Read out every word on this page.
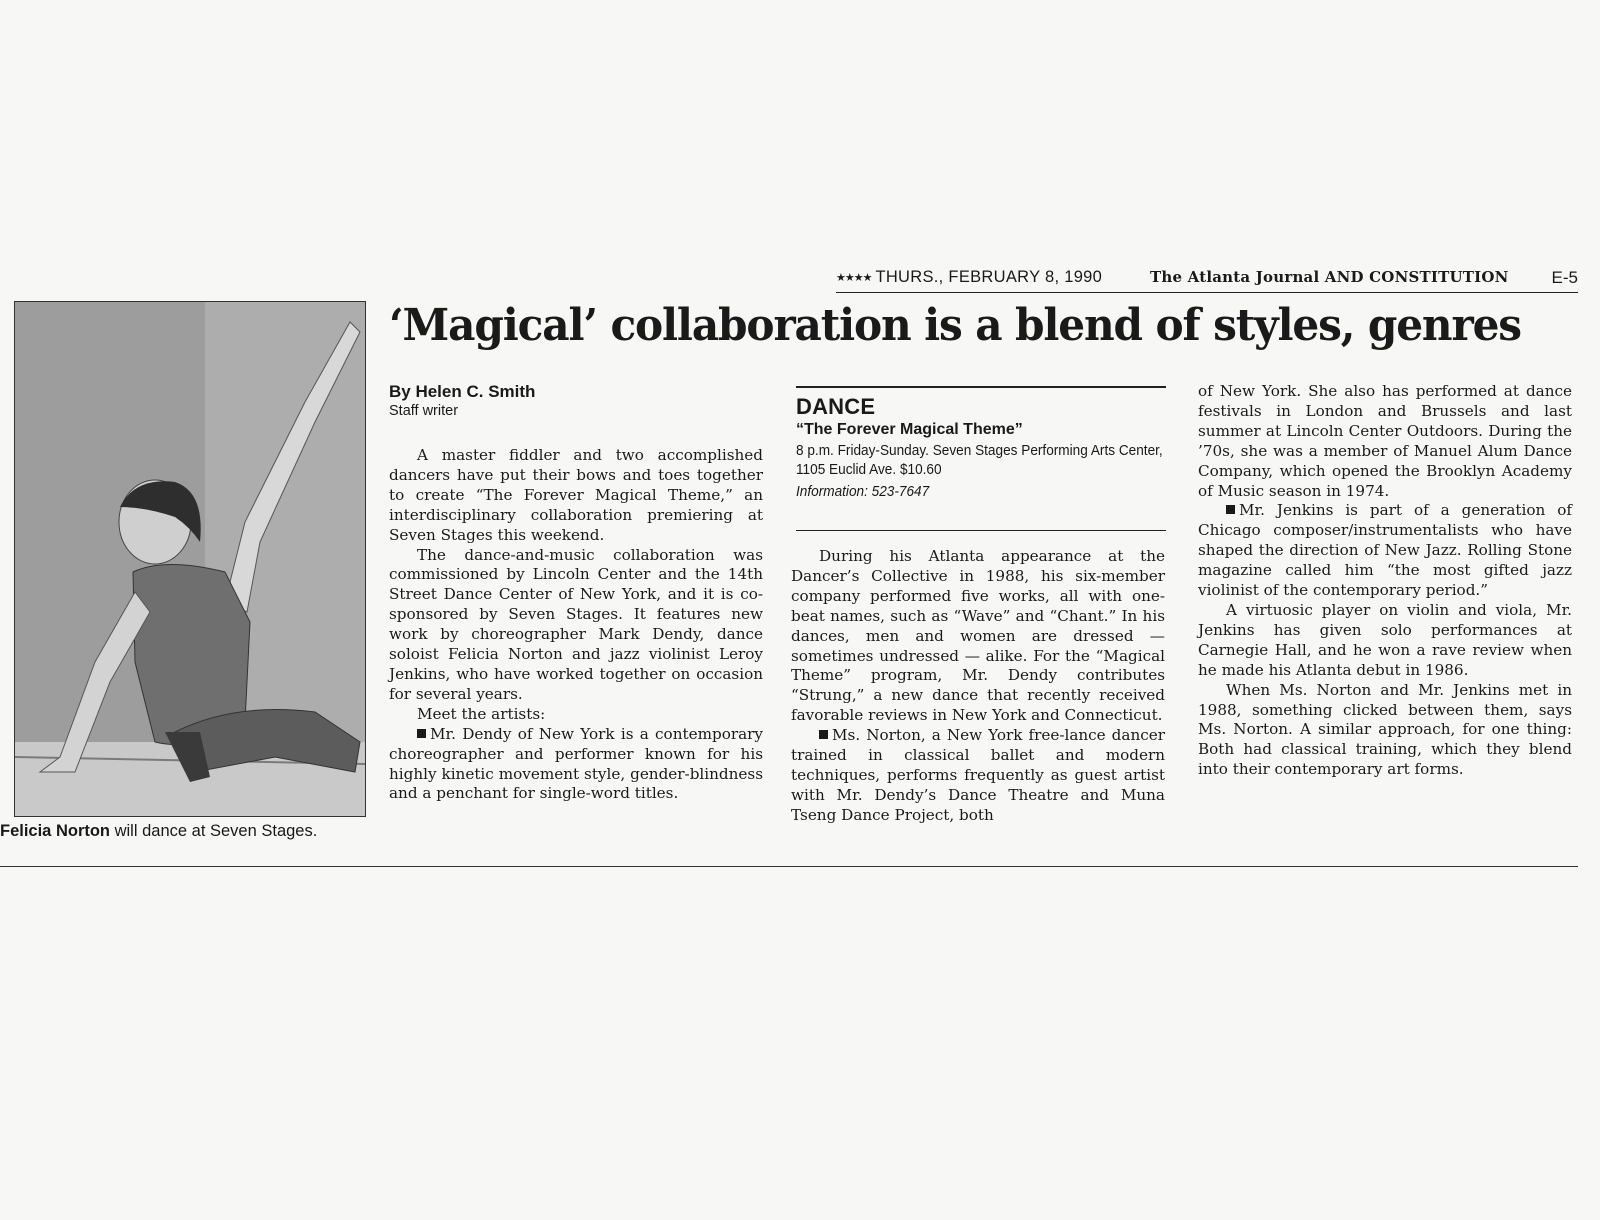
★★★★ THURS., FEBRUARY 8, 1990	The Atlanta Journal AND CONSTITUTION	E-5
Felicia Norton will dance at Seven Stages.
‘Magical’ collaboration is a blend of styles, genres
By Helen C. Smith
Staff writer

A master fiddler and two accomplished dancers have put their bows and toes together to create “The Forever Magical Theme,” an interdisciplinary collaboration premiering at Seven Stages this weekend.

The dance-and-music collaboration was commissioned by Lincoln Center and the 14th Street Dance Center of New York, and it is co-sponsored by Seven Stages. It features new work by choreographer Mark Dendy, dance soloist Felicia Norton and jazz violinist Leroy Jenkins, who have worked together on occasion for several years.

Meet the artists:

Mr. Dendy of New York is a contemporary choreographer and performer known for his highly kinetic movement style, gender-blindness and a penchant for single-word titles.

DANCE
“The Forever Magical Theme”
8 p.m. Friday-Sunday. Seven Stages Performing Arts Center, 1105 Euclid Ave. $10.60
Information: 523-7647

During his Atlanta appearance at the Dancer’s Collective in 1988, his six-member company performed five works, all with one-beat names, such as “Wave” and “Chant.” In his dances, men and women are dressed — sometimes undressed — alike. For the “Magical Theme” program, Mr. Dendy contributes “Strung,” a new dance that recently received favorable reviews in New York and Connecticut.

Ms. Norton, a New York free-lance dancer trained in classical ballet and modern techniques, performs frequently as guest artist with Mr. Dendy’s Dance Theatre and Muna Tseng Dance Project, both

of New York. She also has performed at dance festivals in London and Brussels and last summer at Lincoln Center Outdoors. During the ’70s, she was a member of Manuel Alum Dance Company, which opened the Brooklyn Academy of Music season in 1974.

Mr. Jenkins is part of a generation of Chicago composer/instrumentalists who have shaped the direction of New Jazz. Rolling Stone magazine called him “the most gifted jazz violinist of the contemporary period.”

A virtuosic player on violin and viola, Mr. Jenkins has given solo performances at Carnegie Hall, and he won a rave review when he made his Atlanta debut in 1986.

When Ms. Norton and Mr. Jenkins met in 1988, something clicked between them, says Ms. Norton. A similar approach, for one thing: Both had classical training, which they blend into their contemporary art forms.
